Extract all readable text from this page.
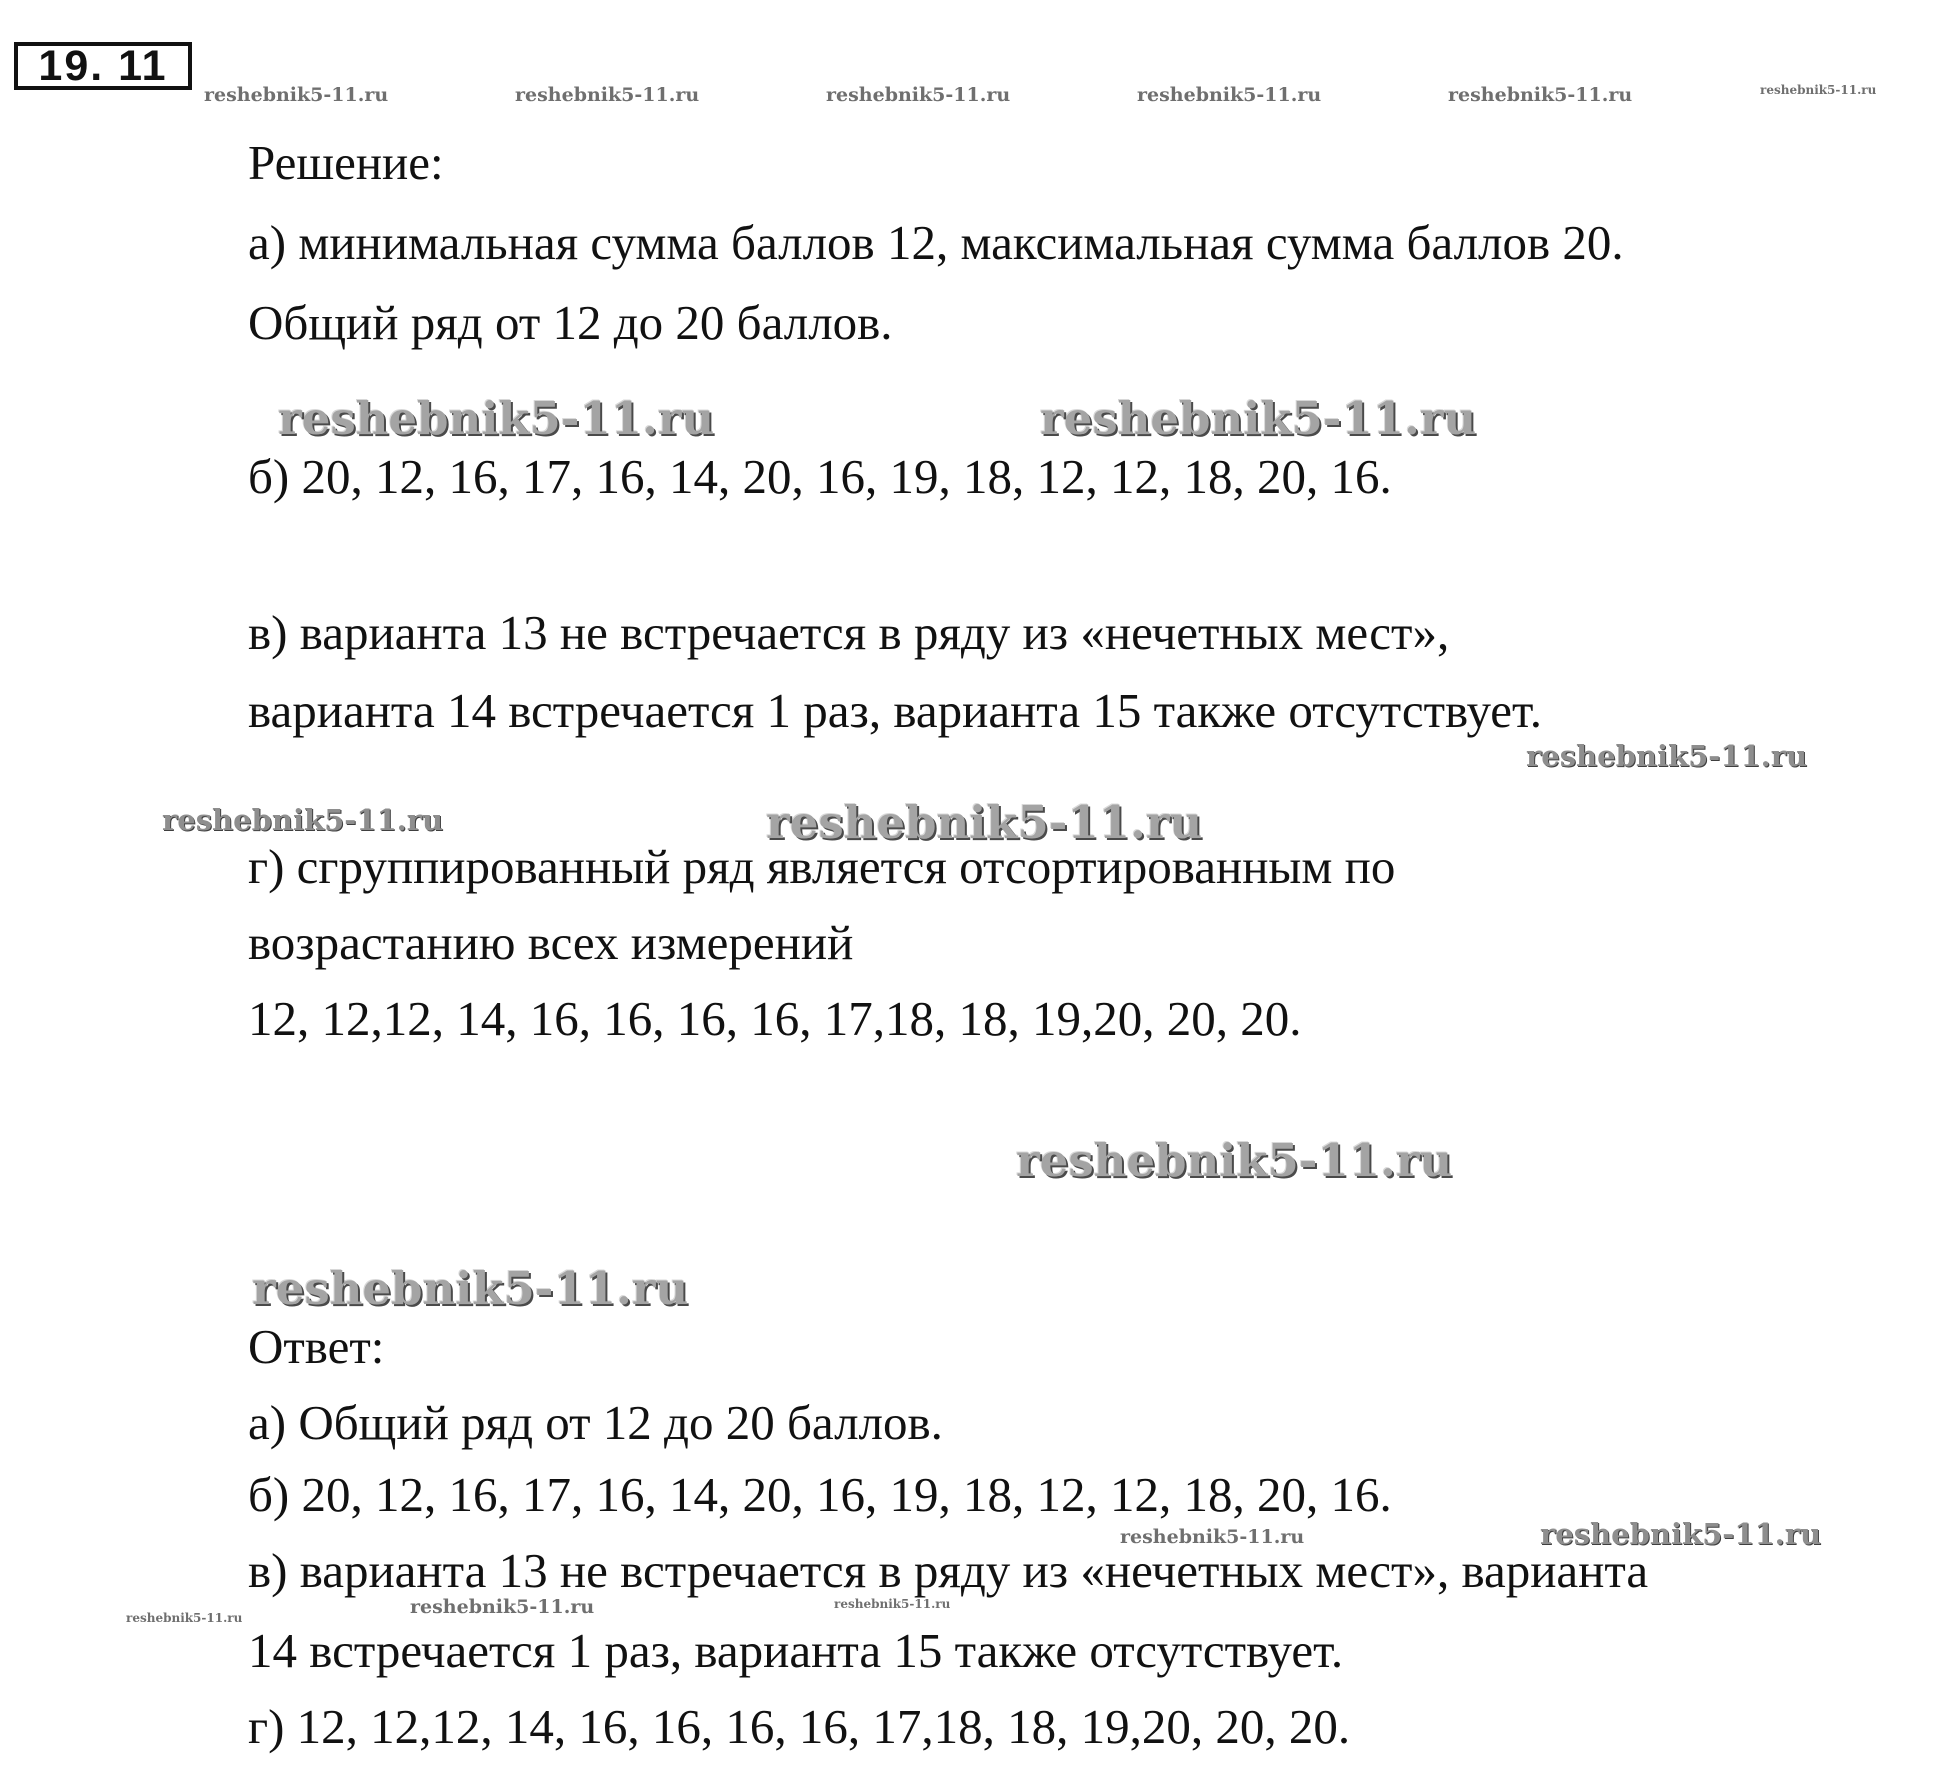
19. 11
reshebnik5-11.ru	reshebnik5-11.ru	reshebnik5-11.ru	reshebnik5-11.ru	reshebnik5-11.ru	reshebnik5-11.ru
Решение:
а) минимальная сумма баллов 12, максимальная сумма баллов 20.
Общий ряд от 12 до 20 баллов.
reshebnik5-11.ru	reshebnik5-11.ru
б) 20, 12, 16, 17, 16, 14, 20, 16, 19, 18, 12, 12, 18, 20, 16.
в) варианта 13 не встречается в ряду из «нечетных мест»,
варианта 14 встречается 1 раз, варианта 15 также отсутствует.
reshebnik5-11.ru
reshebnik5-11.ru	reshebnik5-11.ru
г) сгруппированный ряд является отсортированным по
возрастанию всех измерений
12, 12,12, 14, 16, 16, 16, 16, 17,18, 18, 19,20, 20, 20.
reshebnik5-11.ru
reshebnik5-11.ru
Ответ:
а) Общий ряд от 12 до 20 баллов.
б) 20, 12, 16, 17, 16, 14, 20, 16, 19, 18, 12, 12, 18, 20, 16.
reshebnik5-11.ru	reshebnik5-11.ru
в) варианта 13 не встречается в ряду из «нечетных мест», варианта
reshebnik5-11.ru	reshebnik5-11.ru	reshebnik5-11.ru
14 встречается 1 раз, варианта 15 также отсутствует.
г) 12, 12,12, 14, 16, 16, 16, 16, 17,18, 18, 19,20, 20, 20.
